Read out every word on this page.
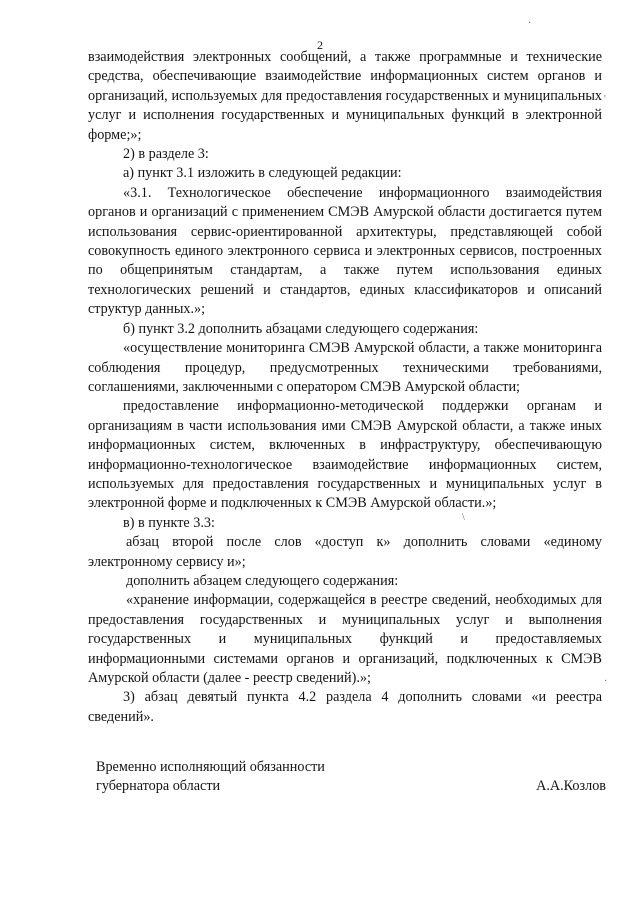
2

взаимодействия электронных сообщений, а также программные и технические средства, обеспечивающие взаимодействие информационных систем органов и организаций, используемых для предоставления государственных и муниципальных услуг и исполнения государственных и муниципальных функций в электронной форме;»;

2) в разделе 3:

а) пункт 3.1 изложить в следующей редакции:

«3.1. Технологическое обеспечение информационного взаимодействия органов и организаций с применением СМЭВ Амурской области достигается путем использования сервис-ориентированной архитектуры, представляющей собой совокупность единого электронного сервиса и электронных сервисов, построенных по общепринятым стандартам, а также путем использования единых технологических решений и стандартов, единых классификаторов и описаний структур данных.»;

б) пункт 3.2 дополнить абзацами следующего содержания:

«осуществление мониторинга СМЭВ Амурской области, а также мониторинга соблюдения процедур, предусмотренных техническими требованиями, соглашениями, заключенными с оператором СМЭВ Амурской области;

предоставление информационно-методической поддержки органам и организациям в части использования ими СМЭВ Амурской области, а также иных информационных систем, включенных в инфраструктуру, обеспечивающую информационно-технологическое взаимодействие информационных систем, используемых для предоставления государственных и муниципальных услуг в электронной форме и подключенных к СМЭВ Амурской области.»;

в) в пункте 3.3:

абзац второй после слов «доступ к» дополнить словами «единому электронному сервису и»;

дополнить абзацем следующего содержания:

«хранение информации, содержащейся в реестре сведений, необходимых для предоставления государственных и муниципальных услуг и выполнения государственных и муниципальных функций и предоставляемых информационными системами органов и организаций, подключенных к СМЭВ Амурской области (далее - реестр сведений).»;

3) абзац девятый пункта 4.2 раздела 4 дополнить словами «и реестра сведений».

Временно исполняющий обязанности
губернатора области	А.А.Козлов
·
'
\
·
